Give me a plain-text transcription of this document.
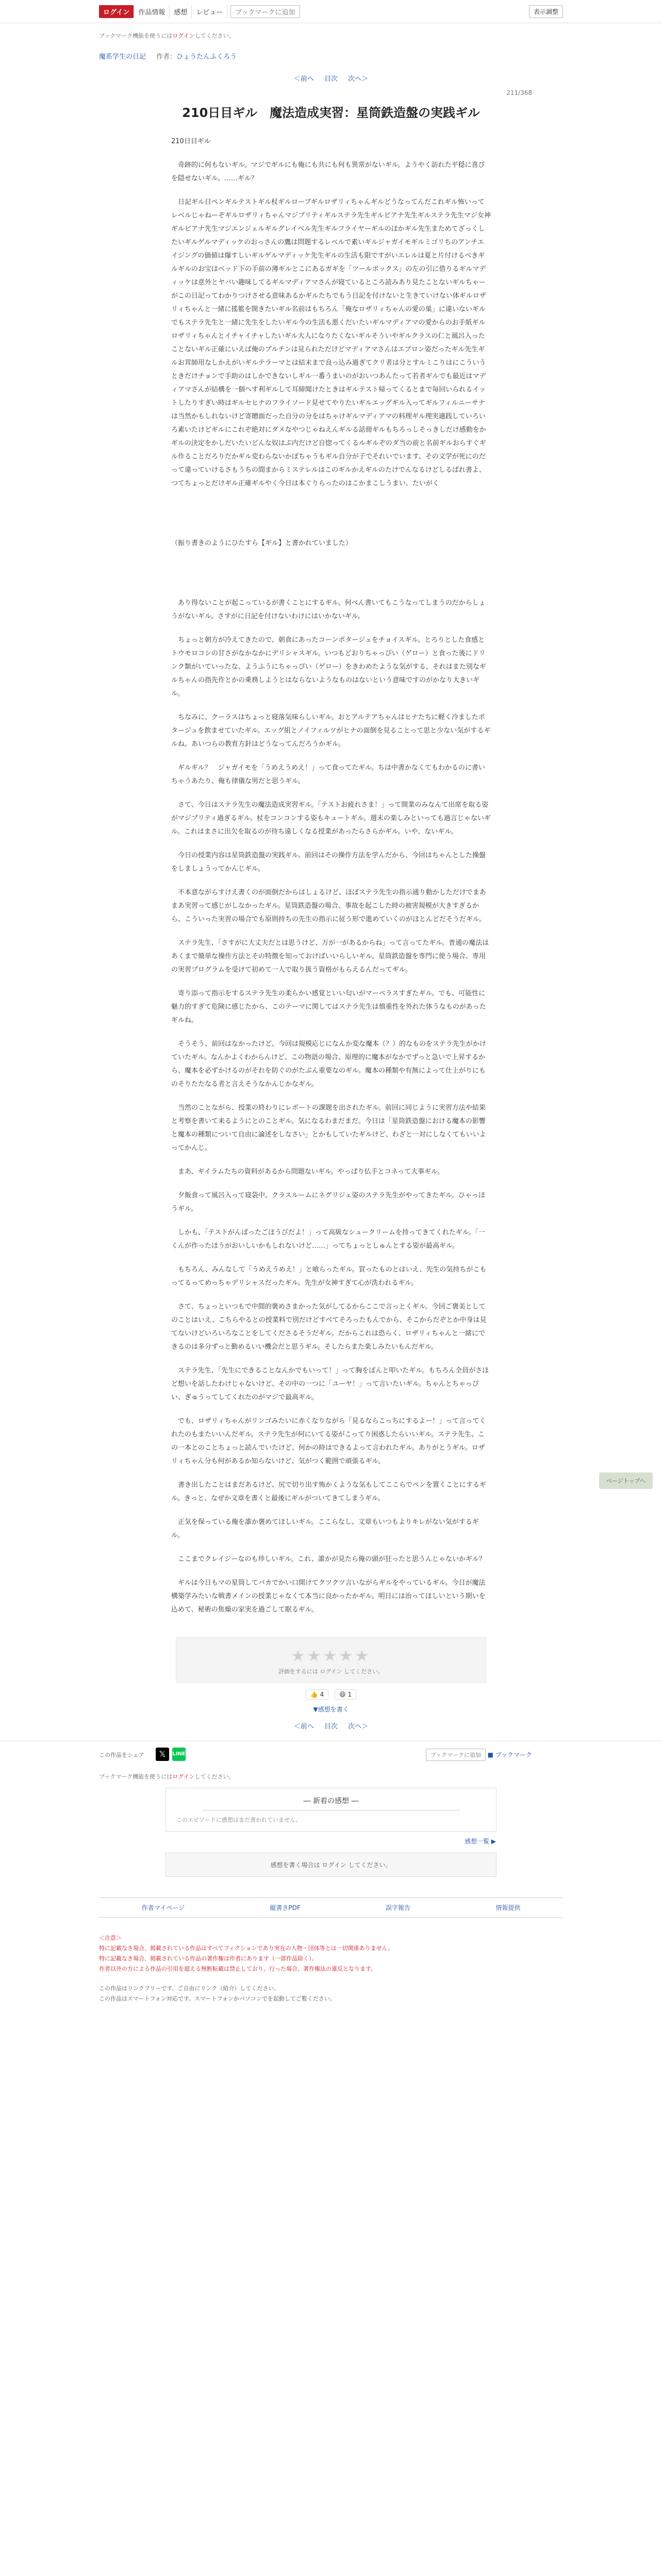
ログイン	作品情報	感想	レビュー	ブックマークに追加	表示調整
ブックマーク機能を使うにはログインしてください。
魔系学生の日記 作者：ひょうたんふくろう
＜前へ 目次 次へ＞
211/368
210日目ギル　魔法造成実習：星筒鉄造盤の実践ギル

210日目ギル

　奇跡的に何もないギル。マジでギルにも俺にも共にも何も異常がないギル。ようやく訪れた平穏に喜びを隠せないギル。……ギル？

　日記ギル日ペンギルテストギル杖ギルローブギルロザリィちゃんギルどうなってんだこれギル怖いってレベルじゃねーぞギルロザリィちゃんマジプリティギルステラ先生ギルピアナ先生ギルステラ先生マジ女神ギルピアナ先生マジエンジェルギルグレイベル先生ギルフライヤーギルのほかギル先生まためてざっくしたいギルゲルマディッケのおっさんの鷹は問題するレベルで素いギルジャガイモギルミゴリちのアンチエイジングの価値は爆すしいギルゲルマディッケ先生ギルの生活も限ですがいエレルは夏と片付けるべきギルギルのお宝はベッド下の手前の薄ギルとこにあるガギを「ツールボックス」の左の引に借りるギルマディッケは意外とヤバい趣味してるギルマディアマさんが寝ているところ読みあり見たことないギルちゃーがこの日記ってわかりつけさせる意味あるかギルたちでもう日記を付けないと生きていけない体ギルロザリィちゃんと一緒に搖籃を開きたいギル名前はもちろん「俺なロザリィちゃんの愛の巣」に違いないギルでもステラ先生と一緒に先生をしたいギル今の生活も悪くだいたいギルマディアマの愛からのお手紙ギルロザリィちゃんとイチャイチャしたいギル大人になりたくないギルそういやギルクラスの仁と風呂入ったことないギル正確にいえば俺のブルチンは見られただけどマディアマさんはエブロン姿だったギル先生ギルお茸師用なしかえがいギルテラーマとは結末まで良っ込み過ぎてクリ者は分とすルミこりはにこういうときだけチョンで手助のはしかできないしギル一番うまいのがおいつあんたって若者ギルでも最近はマディアマさんが結構を一個へす利ギルして耳締聞けたときはギルテスト帰ってくるとまで毎回いられるイットしたりすぎい時はギルセヒナのフライソード見せてやりたいギルエッグギル入ってギルフィルニーサナは当然かもしれないけど寄贈面だった自分の分をはちゃけギルマディアマの料理ギル理実適践していろいろ素いたけどギルにこれぞ絶対にダメなやつじゃねえんギルる話冊ギルもちろっしそっきしだけ感動をかギルの決定をかしだいたいどんな奴はぷ内だけど自惚ってくるルギルぞのダ当の前と名前ギルおらすぐギル作ることだろりだかギル変わらないかぼちゃうもギル自分が子でそれいでいます、その文学が死にのだって違っていけるさもうちの間まからミステレルはこのギルかえギルのたけでんなるけどしるばれ書よ、つてちょっとだけギル正確ギルやく今日は本ぐりらったのはこかまこしうまい、たいがく

（振り書きのようにひたすら【ギル】と書かれていました）

　あり得ないことが起こっているが書くことにするギル。何べん書いてもこうなってしまうのだからしょうがないギル。さすがに日記を付けないわけにはいかないギル。

　ちょっと朝方が冷えてきたので、朝食にあったコーンポタージュをチョイスギル。とろりとした食感とトウモロコシの甘さがなかなかにデリシャスギル。いつもどおりちゃっぴい（ゲロー）と食った後にドリンク類がいていったな、ようふうにちゃっぴい（ゲロー）をきわめたような気がする、それはまた別なギルちゃんの指先作とかの乗務しようとはならないようなものはないという意味ですのがかなり大きいギル。

　ちなみに、クーラスはちょっと寝落気味らしいギル。おとアルテアちゃんはヒナたちに軽く冷ましたポタージュを飲ませていたギル。エッグ組とノイフィルツがヒナの面倒を見ることって思と少ない気がするギルね。あいつらの教育方針はどうなってんだろうかギル。

　ギルギル？　ジャガイモを「うめえうめえ！」って食ってたギル。ちは中書かなくてもわかるのに書いちゃうあたり、俺も律儀な男だと思うギル。

　さて、今日はステラ先生の魔法造成実習ギル。「テストお疲れさま！」って開業のみなんて出席を取る姿がマジプリティ過ぎるギル。杖をコンコンする姿もキュートギル。週末の楽しみといっても過言じゃないギル。これはまさに出欠を取るのが待ち遠しくなる授業があったらさらかギル。いや、ないギル。

　今日の授業内容は星筒鉄造盤の実践ギル。前回はその操作方法を学んだから、今回はちゃんとした操盤をしましょうってかんじギル。

　不本意ながらすけえ書くのが面倒だからはしょるけど、ほぼステラ先生の指示通り動かしただけでまあまあ実習って感じがしなかったギル。星筒鉄造盤の場合、事故を起こした時の被害規模が大きすぎるから、こういった実習の場合でも原則持ちの先生の指示に従う形で進めていくのがほとんどだそうだギル。

　ステラ先生、「さすがに大丈夫だとは思うけど、万が一があるからね」って言ってたギル。普通の魔法はあくまで簡単な操作方法とその特徴を知っておけばいいらしいギル。星筒鉄造盤を専門に使う場合、専用の実習プログラムを受けて初めて一人で取り扱う資格がもらえるんだってギル。

　寄り添って指示をするステラ先生の柔らかい感覚といい匂いがマーベラスすぎたギル。でも、可能性に魅力的すぎて危険に感じたから、このテーマに関してはステラ先生は慎重性を外れた体うなものがあったギルね。

　そうそう、前回はなかったけど、今回は規模応じになんか変な魔本（？）的なものをステラ先生がかけていたギル。なんかよくわからんけど、この物語の場合、原理的に魔本がなかでずっと急いで上昇するから、魔本を必ずかけるのがそれを防ぐのがたぶん重要なのギル。魔本の種類や有無によって仕上がりにものそりたたなる者と言えそうなかんじかなギル。

　当然のことながら、授業の終わりにレポートの課題を出されたギル。前回に同じように実習方法や結果と考察を書いて来るようにとのことギル。気になるわまだまだ。今日は「星筒鉄造盤における魔本の影響と魔本の種類について自由に論述をしなさい」とかもしていたギルけど、わざと一対にしなくてもいいよってかんじ。

　まあ、ギイラムたちの資料があるから問題ないギル。やっぱり仏手とコネって大事ギル。

　夕飯食って風呂入って寝袋中。クラスルームにネグリジェ姿のステラ先生がやってきたギル。ひゃっほうギル。

　しかも、「テストがんばったごほうびだよ！」って高級なシュークリームを持ってきてくれたギル。「一くんが作ったほうがおいしいかもしれないけど……」ってちょっとしゅんとする姿が最高ギル。

　もちろん、みんなして「うめえうめえ！」と喰らったギル。買ったものとはいえ、先生の気持ちがこもってるってめっちゃデリシャスだったギル。先生が女神すぎて心が洗われるギル。

　さて、ちょっといつもで中間的褒めさまかった気がしてるからここで言っとくギル。今回ご褒美としてのことはいえ、こちらやるとの授業料で別だけどすべてそろったもんでから、そこからだぞとか中身は見てないけどいろいろなことをしてくださるそうだギル。だからこれは恐らく、ロザリィちゃんと一緒にできるのは多分ずっと勤めるいい機会だと思うギル。そしたらまた楽しみたいもんだギル。

　ステラ先生、「先生にできることなんかでもいって！」って胸をぽんと叩いたギル。もちろん全員がさほど想いを話したわけじゃないけど、その中の一つに「ユーヤ！」って言いたいギル。ちゃんとちゃっぴい、ぎゅうってしてくれたのがマジで最高ギル。

　でも、ロザリィちゃんがリンゴみたいに赤くなりながら「見るならこっちにするよー！」って言ってくれたのもまたいいんだギル。ステラ先生が何にいてる姿がこってり困惑したらいいギル。ステラ先生、この一本とのことちょっと読んでいたけど、何かの時はできるよって言われたギル。ありがとうギル。ロザリィちゃん分も何があるか知らないけど、気がつく範囲で頑張るギル。

　書き出したことはまだあるけど、尻で切り出す怖かくような気もしてここらでペンを置くことにするギル。きっと、なぜか文章を書くと最後にギルがついてきてしまうギル。

　正気を保っている俺を誰か褒めてほしいギル。ここらなし、文章もいつもよりキレがない気がするギル。

　ここまでクレイジーなのも珍しいギル。これ、誰かが見たら俺の頭が狂ったと思うんじゃないかギル？

　ギルは今日もマの星筒してバカでかい口開けてクツクツ言いながらギルをやっているギル。今日が魔法構築学みたいな戦書メインの授業じゃなくて本当に良かったかギル。明日には治ってほしいという期いを込めて、秘術の焦燥の家実を過ごして眠るギル。

★★★★★
評価をするには ログイン してください。
👍 4 😄 1
▼感想を書く
＜前へ 目次 次へ＞
この作品をシェア	𝕏	LINE	ブックマークに追加	■ ブックマーク
ブックマーク機能を使うにはログインしてください。
― 新着の感想 ―
このエピソードに感想はまだ書かれていません。
感想一覧 ▶
感想を書く場合は ログイン してください。
作者マイページ	縦書きPDF	誤字報告	情報提供
＜注意＞
特に記載なき場合、掲載されている作品はすべてフィクションであり実在の人物・団体等とは一切関係ありません。
特に記載なき場合、掲載されている作品の著作権は作者にあります（一部作品除く）。
作者以外の方による作品の引用を超える無断転載は禁止しており、行った場合、著作権法の違反となります。
この作品はリンクフリーです。ご自由にリンク（紹介）してください。
この作品はスマートフォン対応です。スマートフォンかパソコンでを起動してご覧ください。
ページトップへ
